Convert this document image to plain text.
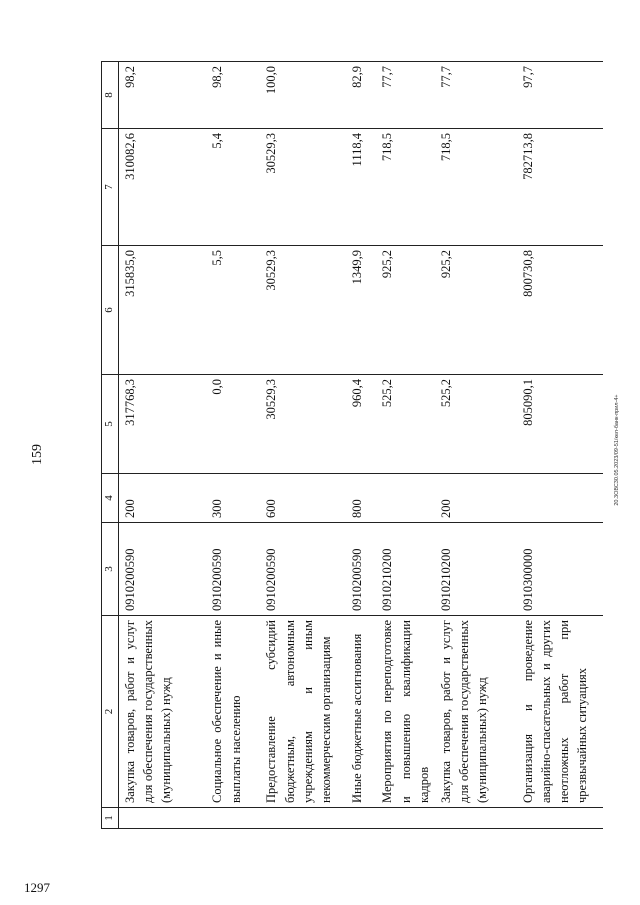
1297
20.3ОВС30.05.2023/09-51/кел-банк-прил-4+
159
1	2	3	4	5	6	7	8
	Закупка товаров, работ и услуг для обеспечения государственных (муниципальных) нужд	0910200590	200	317768,3	315835,0	310082,6	98,2
	Социальное обеспечение и иные выплаты населению	0910200590	300	0,0	5,5	5,4	98,2
	Предоставление субсидий бюджетным, автономным учреждениям и иным некоммерческим организациям	0910200590	600	30529,3	30529,3	30529,3	100,0
	Иные бюджетные ассигнования	0910200590	800	960,4	1349,9	1118,4	82,9
	Мероприятия по переподготовке и повышению квалификации кадров	0910210200		525,2	925,2	718,5	77,7
	Закупка товаров, работ и услуг для обеспечения государственных (муниципальных) нужд	0910210200	200	525,2	925,2	718,5	77,7
	Организация и проведение аварийно-спасательных и других неотложных работ при чрезвычайных ситуациях	0910300000		805090,1	800730,8	782713,8	97,7
